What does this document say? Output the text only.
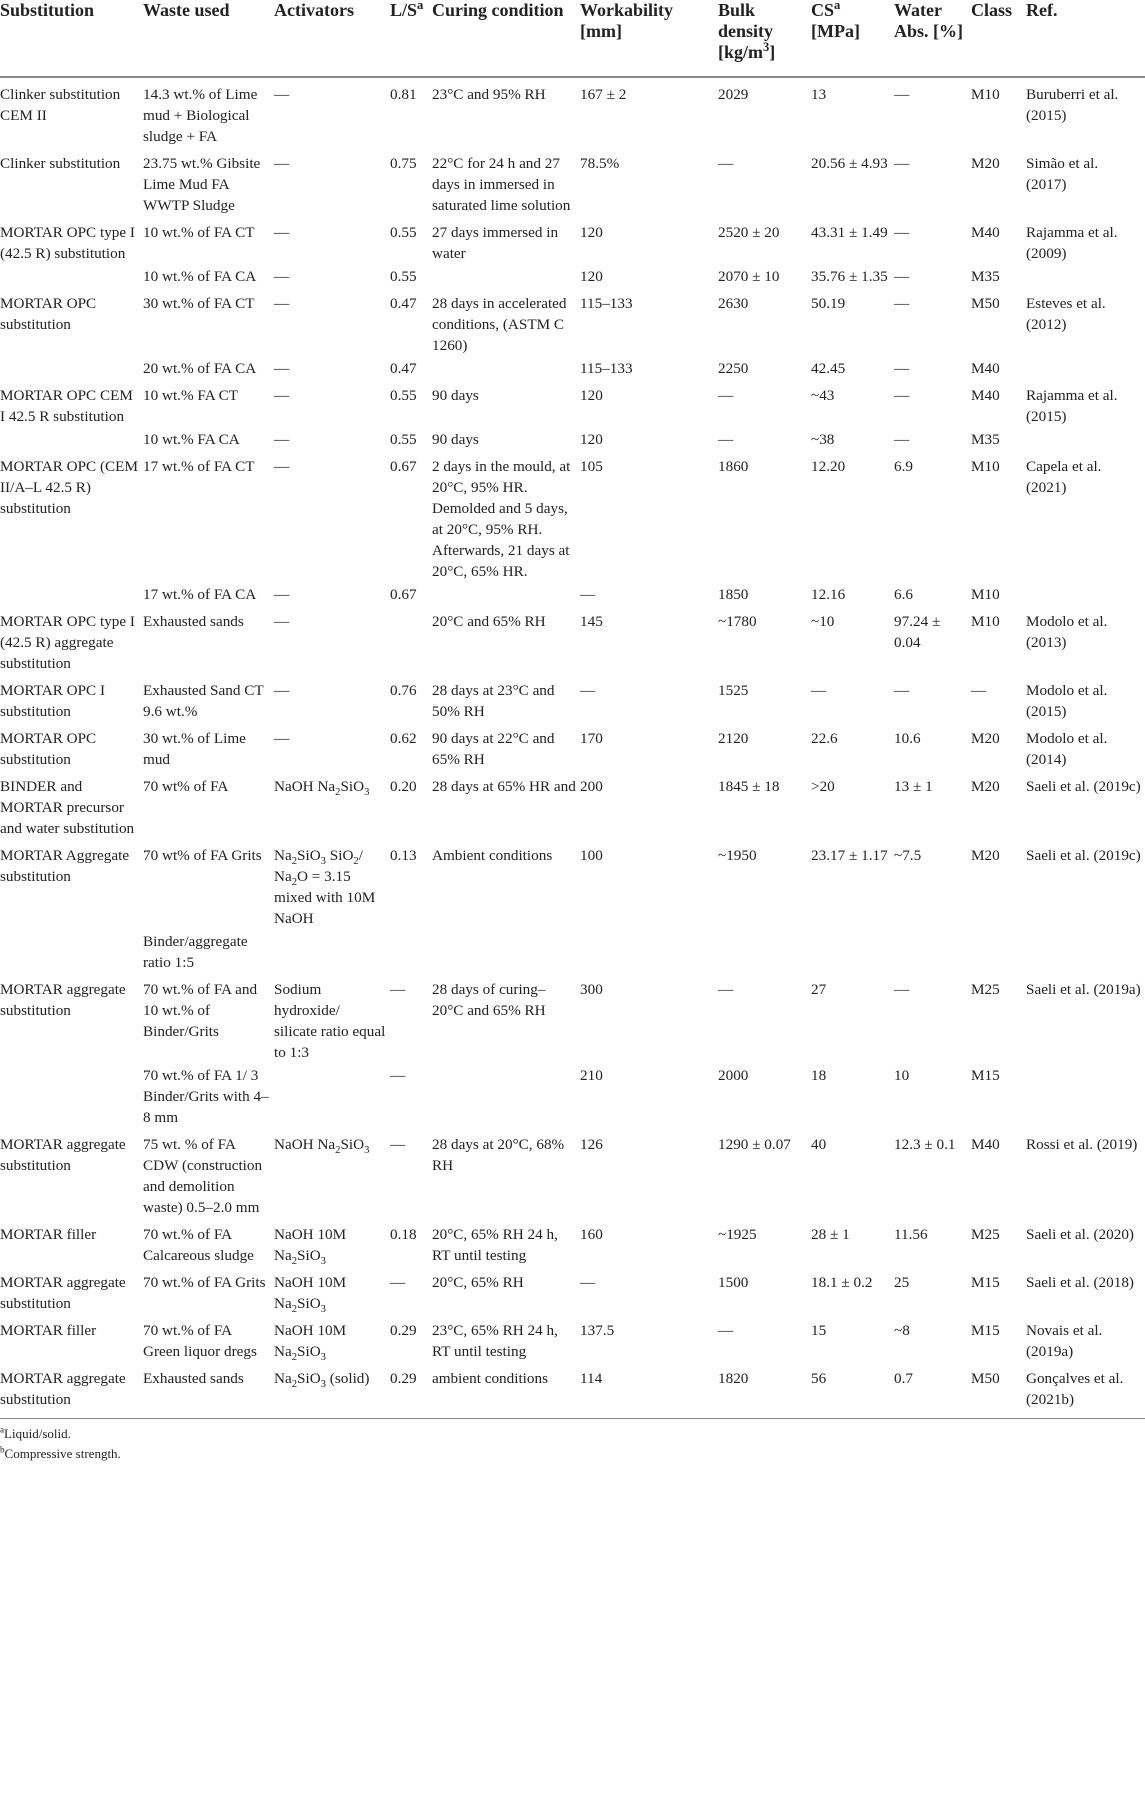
Substitution	Waste used	Activators	$L/S^a$	Curing condition	Workability [mm]	Bulk density $[kg/m^3]$	$CS^a$ [MPa]	Water Abs. [%]	Class	Ref.
Clinker substitution CEM II	14.3 wt.% of Lime mud + Biological sludge + FA	—	0.81	23°C and 95% RH	167 ± 2	2029	13	—	M10	Buruberri et al. (2015)
Clinker substitution	23.75 wt.% Gibsite Lime Mud FA WWTP Sludge	—	0.75	22°C for 24 h and 27 days in immersed in saturated lime solution	78.5%	—	20.56 ± 4.93	—	M20	Simão et al. (2017)
MORTAR OPC type I (42.5 R) substitution	10 wt.% of FA CT	—	0.55	27 days immersed in water	120	2520 ± 20	43.31 ± 1.49	—	M40	Rajamma et al. (2009)
	10 wt.% of FA CA	—	0.55		120	2070 ± 10	35.76 ± 1.35	—	M35	
MORTAR OPC substitution	30 wt.% of FA CT	—	0.47	28 days in accelerated conditions, (ASTM C 1260)	115–133	2630	50.19	—	M50	Esteves et al. (2012)
	20 wt.% of FA CA	—	0.47		115–133	2250	42.45	—	M40	
MORTAR OPC CEM I 42.5 R substitution	10 wt.% FA CT	—	0.55	90 days	120	—	~43	—	M40	Rajamma et al. (2015)
	10 wt.% FA CA	—	0.55	90 days	120	—	~38	—	M35	
MORTAR OPC (CEM II/A–L 42.5 R) substitution	17 wt.% of FA CT	—	0.67	2 days in the mould, at 20°C, 95% HR. Demolded and 5 days, at 20°C, 95% RH. Afterwards, 21 days at 20°C, 65% HR.	105	1860	12.20	6.9	M10	Capela et al. (2021)
	17 wt.% of FA CA	—	0.67		—	1850	12.16	6.6	M10	
MORTAR OPC type I (42.5 R) aggregate substitution	Exhausted sands	—		20°C and 65% RH	145	~1780	~10	97.24 ± 0.04	M10	Modolo et al. (2013)
MORTAR OPC I substitution	Exhausted Sand CT 9.6 wt.%	—	0.76	28 days at 23°C and 50% RH	—	1525	—	—	—	Modolo et al. (2015)
MORTAR OPC substitution	30 wt.% of Lime mud	—	0.62	90 days at 22°C and 65% RH	170	2120	22.6	10.6	M20	Modolo et al. (2014)
BINDER and MORTAR precursor and water substitution	70 wt% of FA	NaOH $Na_2SiO_3$	0.20	28 days at 65% HR and	200	1845 ± 18	>20	13 ± 1	M20	Saeli et al. (2019c)
MORTAR Aggregate substitution	70 wt% of FA Grits	$Na_2SiO_3$ SiO$_2$/ $Na_2O = 3.15$ mixed with 10M NaOH	0.13	Ambient conditions	100	~1950	23.17 ± 1.17	~7.5	M20	Saeli et al. (2019c)
	Binder/aggregate ratio 1:5									
MORTAR aggregate substitution	70 wt.% of FA and 10 wt.% of Binder/Grits	Sodium hydroxide/ silicate ratio equal to 1:3	—	28 days of curing–20°C and 65% RH	300	—	27	—	M25	Saeli et al. (2019a)
	70 wt.% of FA 1/ 3 Binder/Grits with 4–8 mm		—		210	2000	18	10	M15	
MORTAR aggregate substitution	75 wt. % of FA CDW (construction and demolition waste) 0.5–2.0 mm	NaOH $Na_2SiO_3$	—	28 days at 20°C, 68% RH	126	1290 ± 0.07	40	12.3 ± 0.1	M40	Rossi et al. (2019)
MORTAR filler	70 wt.% of FA Calcareous sludge	NaOH 10M $Na_2SiO_3$	0.18	20°C, 65% RH 24 h, RT until testing	160	~1925	28 ± 1	11.56	M25	Saeli et al. (2020)
MORTAR aggregate substitution	70 wt.% of FA Grits	NaOH 10M $Na_2SiO_3$	—	20°C, 65% RH	—	1500	18.1 ± 0.2	25	M15	Saeli et al. (2018)
MORTAR filler	70 wt.% of FA Green liquor dregs	NaOH 10M $Na_2SiO_3$	0.29	23°C, 65% RH 24 h, RT until testing	137.5	—	15	~8	M15	Novais et al. (2019a)
MORTAR aggregate substitution	Exhausted sands	$Na_2SiO_3$ (solid)	0.29	ambient conditions	114	1820	56	0.7	M50	Gonçalves et al. (2021b)
$^a$Liquid/solid.
$^b$Compressive strength.
